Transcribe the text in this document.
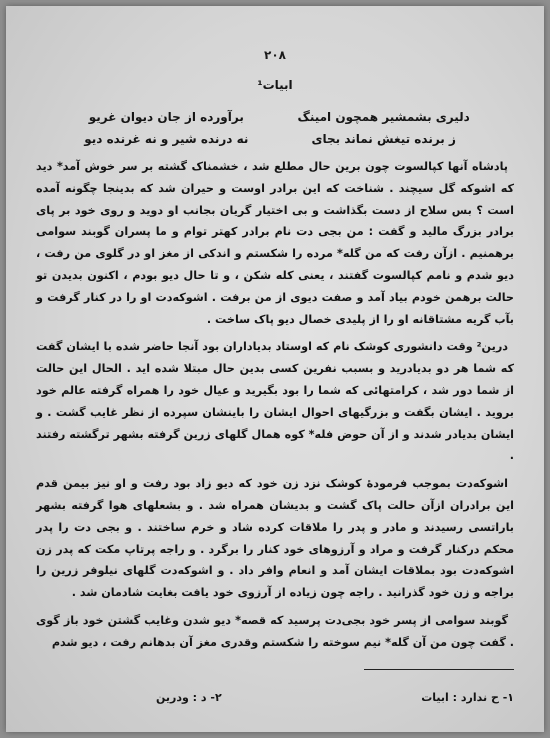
۲۰۸
ابیات¹
دلیری بشمشیر همچون امینگ
برآورده از جان دیوان غریو
ز برنده تیغش نماند بجای
نه درنده شیر و نه غرنده دیو

پادشاه آنها کپالسوت چون برین حال مطلع شد ، خشمناک گشته بر سر خوش آمد* دید که اشوکه گل سیچند . شناخت که این برادر اوست و حیران شد که بدینجا چگونه آمده است ؟ بس سلاح از دست بگذاشت و بی اختیار گریان بجانب او دوید و روی خود بر پای برادر بزرگ مالید و گفت : من بجی دت نام برادر کهتر توام و ما پسران گوبند سوامی برهمنیم . ازآن رفت که من گله* مرده را شکستم و اندکی از مغز او در گلوی من رفت ، دیو شدم و نامم کپالسوت گفتند ، یعنی کله شکن ، و تا حال دیو بودم ، اکنون بدیدن تو حالت برهمن خودم بیاد آمد و صفت دیوی از من برفت . اشوکه‌دت او را در کنار گرفت و بآب گریه مشتاقانه او را از پلیدی خصال دیو پاک ساخت .

درین² وقت دانشوری کوشک نام که اوستاد بدیاداران بود آنجا حاضر شده با ایشان گفت که شما هر دو بدیادرید و بسبب نفرین کسی بدین حال مبتلا شده اید . الحال این حالت از شما دور شد ، کرامتهائی که شما را بود بگیرید و عیال خود را همراه گرفته عالم خود بروید . ایشان بگفت و بزرگیهای احوال ایشان را باینشان سپرده از نظر غایب گشت . و ایشان بدیادر شدند و از آن حوض فله* کوه همال گلهای زرین گرفته بشهر ترگشته رفتند .

اشوکه‌دت بموجب فرمودهٔ کوشک نزد زن خود که دیو زاد بود رفت و او نیز بیمن قدم این برادران ازآن حالت پاک گشت و بدیشان همراه شد . و بشعلهای هوا گرفته بشهر باراتسی رسیدند و مادر و پدر را ملاقات کرده شاد و خرم ساختند . و بجی دت را پدر محکم درکنار گرفت و مراد و آرزوهای خود کنار را برگرد . و راجه پرتاپ مکت که پدر زن اشوکه‌دت بود بملاقات ایشان آمد و انعام وافر داد . و اشوکه‌دت گلهای نیلوفر زرین را براجه و زن خود گذرانید . راجه چون زیاده از آرزوی خود یافت بغایت شادمان شد .

گوبند سوامی از پسر خود بجی‌دت پرسید که قصه* دیو شدن وغایب گشتن خود باز گوی . گفت چون من آن گله* نیم سوخته را شکستم وقدری مغز آن بدهانم رفت ، دیو شدم

۱- ح ندارد : ابیات
۲- د : ودرین
